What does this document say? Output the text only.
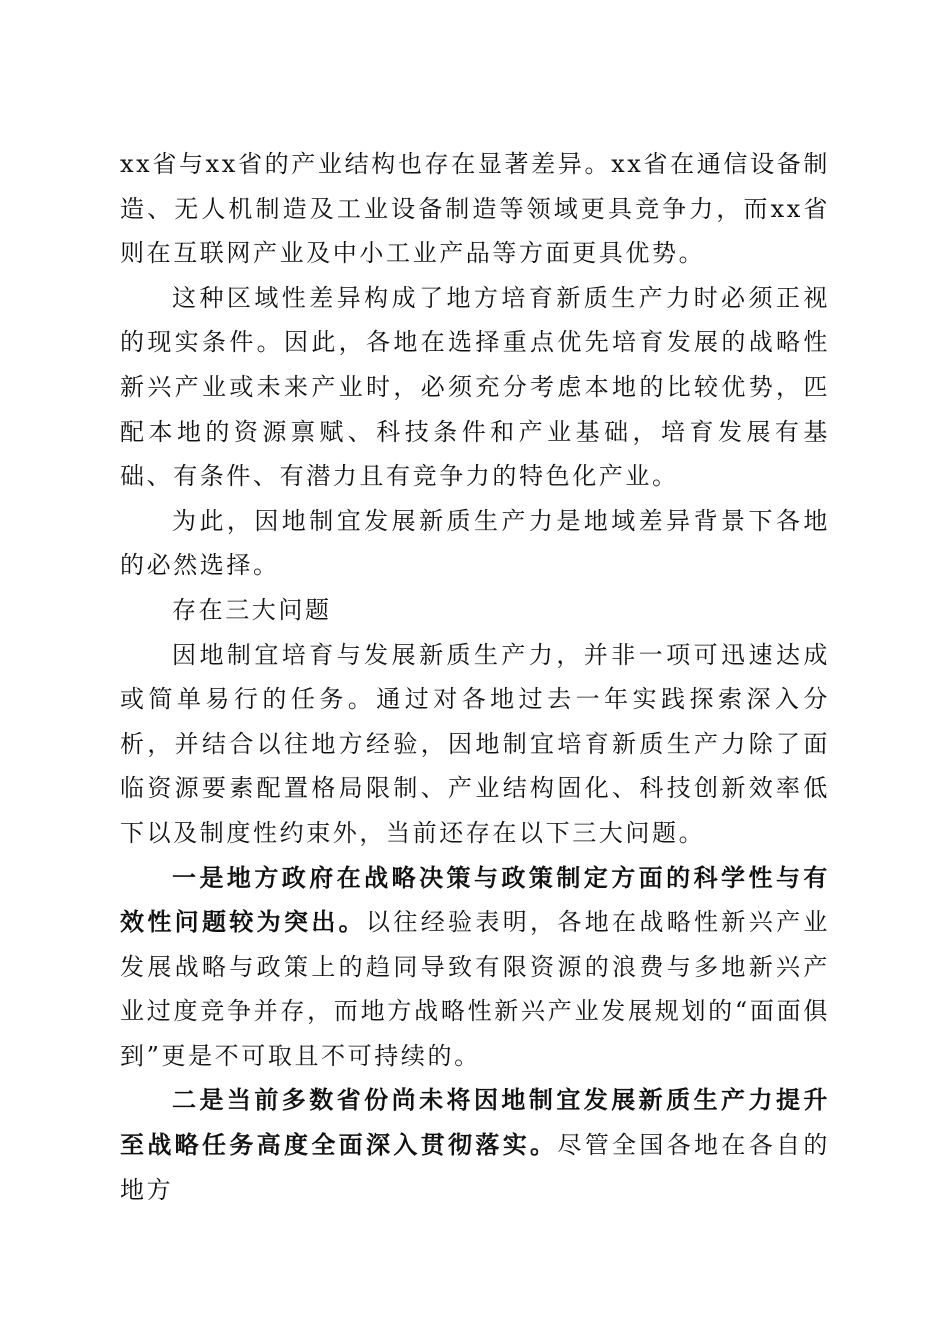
xx省与xx省的产业结构也存在显著差异。xx省在通信设备制造、无人机制造及工业设备制造等领域更具竞争力，而xx省则在互联网产业及中小工业产品等方面更具优势。

这种区域性差异构成了地方培育新质生产力时必须正视的现实条件。因此，各地在选择重点优先培育发展的战略性新兴产业或未来产业时，必须充分考虑本地的比较优势，匹配本地的资源禀赋、科技条件和产业基础，培育发展有基础、有条件、有潜力且有竞争力的特色化产业。

为此，因地制宜发展新质生产力是地域差异背景下各地的必然选择。

存在三大问题

因地制宜培育与发展新质生产力，并非一项可迅速达成或简单易行的任务。通过对各地过去一年实践探索深入分析，并结合以往地方经验，因地制宜培育新质生产力除了面临资源要素配置格局限制、产业结构固化、科技创新效率低下以及制度性约束外，当前还存在以下三大问题。

一是地方政府在战略决策与政策制定方面的科学性与有效性问题较为突出。以往经验表明，各地在战略性新兴产业发展战略与政策上的趋同导致有限资源的浪费与多地新兴产业过度竞争并存，而地方战略性新兴产业发展规划的“面面俱到”更是不可取且不可持续的。

二是当前多数省份尚未将因地制宜发展新质生产力提升至战略任务高度全面深入贯彻落实。尽管全国各地在各自的地方
